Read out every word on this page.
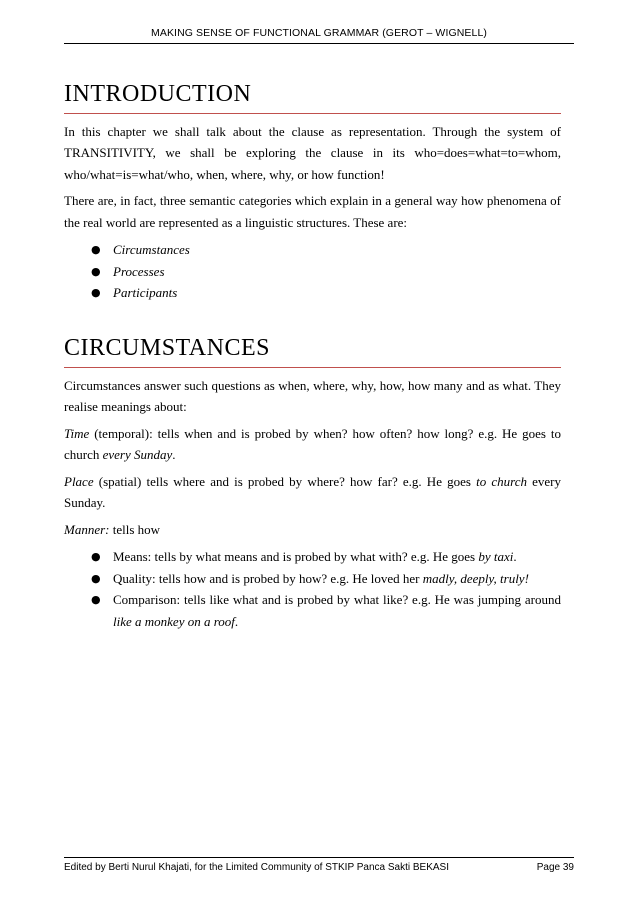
MAKING SENSE OF FUNCTIONAL GRAMMAR (GEROT – WIGNELL)
INTRODUCTION

In this chapter we shall talk about the clause as representation. Through the system of TRANSITIVITY, we shall be exploring the clause in its who=does=what=to=whom, who/what=is=what/who, when, where, why, or how function!

There are, in fact, three semantic categories which explain in a general way how phenomena of the real world are represented as a linguistic structures. These are:

● Circumstances
● Processes
● Participants
CIRCUMSTANCES

Circumstances answer such questions as when, where, why, how, how many and as what. They realise meanings about:

Time (temporal): tells when and is probed by when? how often? how long? e.g. He goes to church every Sunday.

Place (spatial) tells where and is probed by where? how far? e.g. He goes to church every Sunday.

Manner: tells how

● Means: tells by what means and is probed by what with? e.g. He goes by taxi.
● Quality: tells how and is probed by how? e.g. He loved her madly, deeply, truly!
● Comparison: tells like what and is probed by what like? e.g. He was jumping around like a monkey on a roof.
Edited by Berti Nurul Khajati, for the Limited Community of STKIP Panca Sakti BEKASI	Page 39
